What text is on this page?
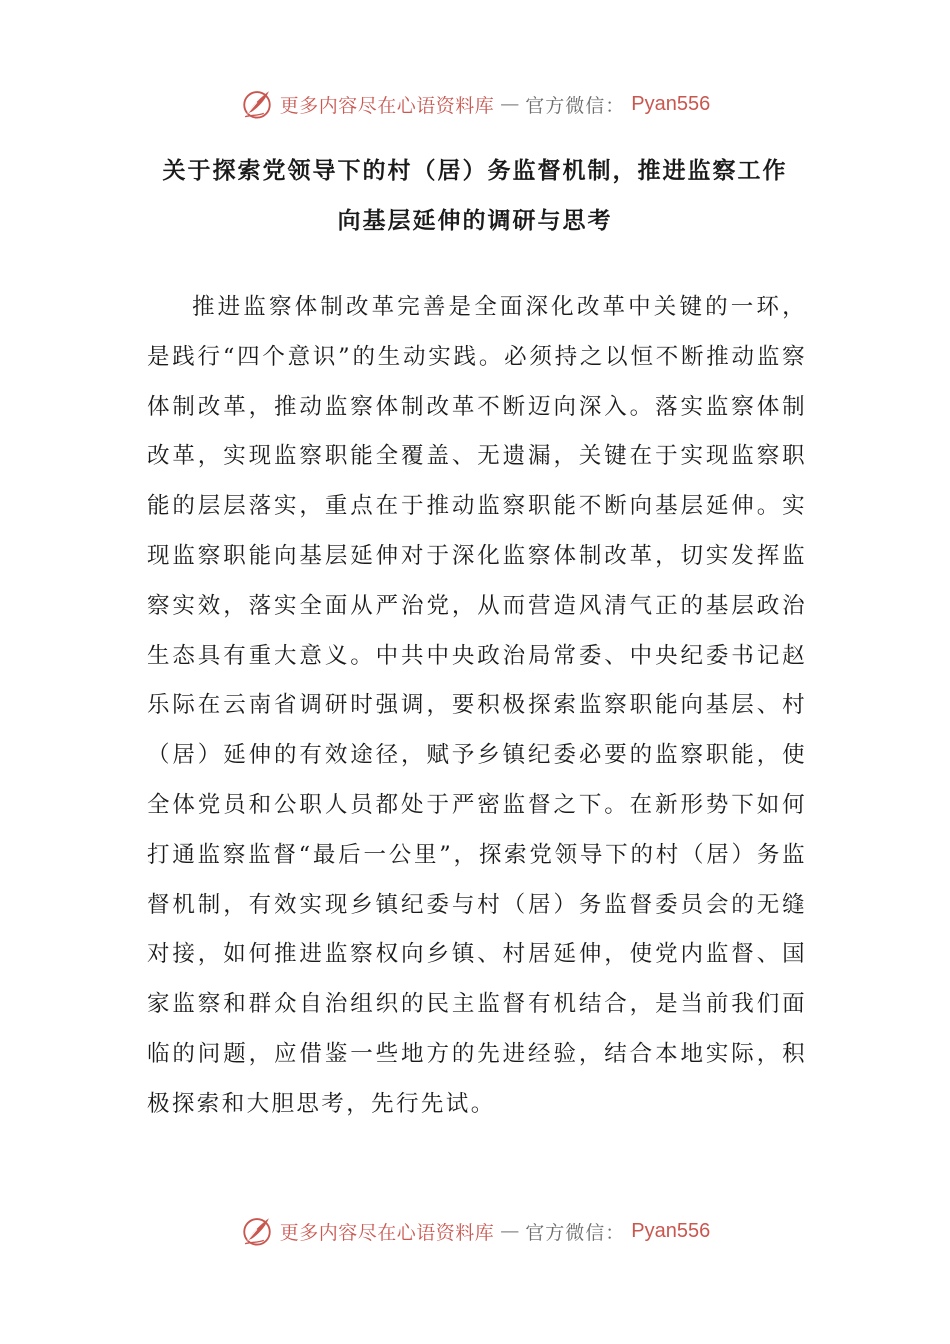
更多内容尽在心语资料库 — 官方微信： Pyan556
关于探索党领导下的村（居）务监督机制，推进监察工作
向基层延伸的调研与思考

推进监察体制改革完善是全面深化改革中关键的一环，是践行“四个意识”的生动实践。必须持之以恒不断推动监察体制改革，推动监察体制改革不断迈向深入。落实监察体制改革，实现监察职能全覆盖、无遗漏，关键在于实现监察职能的层层落实，重点在于推动监察职能不断向基层延伸。实现监察职能向基层延伸对于深化监察体制改革，切实发挥监察实效，落实全面从严治党，从而营造风清气正的基层政治生态具有重大意义。中共中央政治局常委、中央纪委书记赵乐际在云南省调研时强调，要积极探索监察职能向基层、村（居）延伸的有效途径，赋予乡镇纪委必要的监察职能，使全体党员和公职人员都处于严密监督之下。在新形势下如何打通监察监督“最后一公里”，探索党领导下的村（居）务监督机制，有效实现乡镇纪委与村（居）务监督委员会的无缝对接，如何推进监察权向乡镇、村居延伸，使党内监督、国家监察和群众自治组织的民主监督有机结合，是当前我们面临的问题，应借鉴一些地方的先进经验，结合本地实际，积极探索和大胆思考，先行先试。

更多内容尽在心语资料库 — 官方微信： Pyan556
